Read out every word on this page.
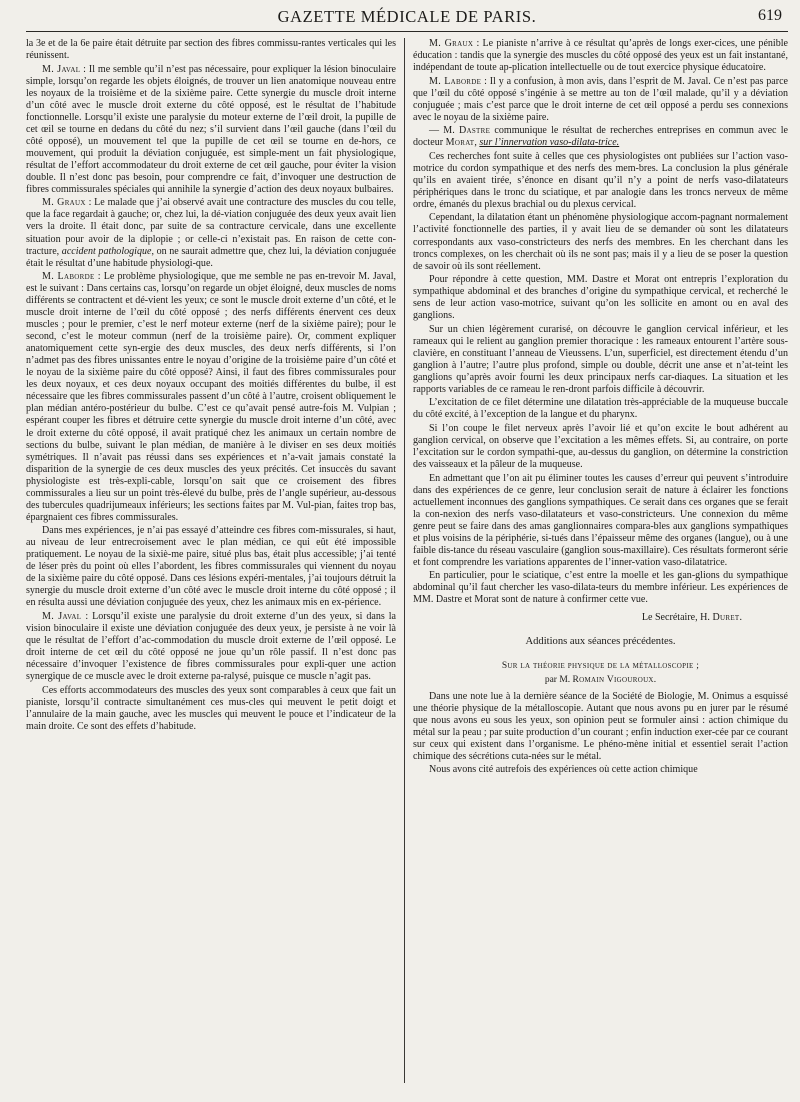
GAZETTE MÉDICALE DE PARIS.	619

la 3e et de la 6e paire était détruite par section des fibres commissu-rantes verticales qui les réunissent.

M. Javal : Il me semble qu’il n’est pas nécessaire, pour expliquer la lésion binoculaire simple, lorsqu’on regarde les objets éloignés, de trouver un lien anatomique nouveau entre les noyaux de la troisième et de la sixième paire. Cette synergie du muscle droit interne d’un côté avec le muscle droit externe du côté opposé, est le résultat de l’habitude fonctionnelle. Lorsqu’il existe une paralysie du moteur externe de l’œil droit, la pupille de cet œil se tourne en dedans du côté du nez; s’il survient dans l’œil gauche (dans l’œil du côté opposé), un mouvement tel que la pupille de cet œil se tourne en de-hors, ce mouvement, qui produit la déviation conjuguée, est simple-ment un fait physiologique, résultat de l’effort accommodateur du droit externe de cet œil gauche, pour éviter la vision double. Il n’est donc pas besoin, pour comprendre ce fait, d’invoquer une destruction de fibres commissurales spéciales qui annihile la synergie d’action des deux noyaux bulbaires.

M. Graux : Le malade que j’ai observé avait une contracture des muscles du cou telle, que la face regardait à gauche; or, chez lui, la dé-viation conjuguée des deux yeux avait lien vers la droite. Il était donc, par suite de sa contracture cervicale, dans une excellente situation pour avoir de la diplopie ; or celle-ci n’existait pas. En raison de cette con-tracture, accident pathologique, on ne saurait admettre que, chez lui, la déviation conjuguée était le résultat d’une habitude physiologi-que.

M. Laborde : Le problème physiologique, que me semble ne pas en-trevoir M. Javal, est le suivant : Dans certains cas, lorsqu’on regarde un objet éloigné, deux muscles de noms différents se contractent et dé-vient les yeux; ce sont le muscle droit externe d’un côté, et le muscle droit interne de l’œil du côté opposé ; des nerfs différents énervent ces deux muscles ; pour le premier, c’est le nerf moteur externe (nerf de la sixième paire); pour le second, c’est le moteur commun (nerf de la troisième paire). Or, comment expliquer anatomiquement cette syn-ergie des deux muscles, des deux nerfs différents, si l’on n’admet pas des fibres unissantes entre le noyau d’origine de la troisième paire d’un côté et le noyau de la sixième paire du côté opposé? Ainsi, il faut des fibres commissurales pour les deux noyaux, et ces deux noyaux occupant des moitiés différentes du bulbe, il est nécessaire que les fibres commissurales passent d’un côté à l’autre, croisent obliquement le plan médian antéro-postérieur du bulbe. C’est ce qu’avait pensé autre-fois M. Vulpian ; espérant couper les fibres et détruire cette synergie du muscle droit interne d’un côté, avec le droit externe du côté opposé, il avait pratiqué chez les animaux un certain nombre de sections du bulbe, suivant le plan médian, de manière à le diviser en ses deux moitiés symétriques. Il n’avait pas réussi dans ses expériences et n’a-vait jamais constaté la disparition de la synergie de ces deux muscles des yeux précités. Cet insuccès du savant physiologiste est très-expli-cable, lorsqu’on sait que ce croisement des fibres commissurales a lieu sur un point très-élevé du bulbe, près de l’angle supérieur, au-dessous des tubercules quadrijumeaux inférieurs; les sections faites par M. Vul-pian, faites trop bas, épargnaient ces fibres commissurales.

Dans mes expériences, je n’ai pas essayé d’atteindre ces fibres com-missurales, si haut, au niveau de leur entrecroisement avec le plan médian, ce qui eût été impossible pratiquement. Le noyau de la sixiè-me paire, situé plus bas, était plus accessible; j’ai tenté de léser près du point où elles l’abordent, les fibres commissurales qui viennent du noyau de la sixième paire du côté opposé. Dans ces lésions expéri-mentales, j’ai toujours détruit la synergie du muscle droit externe d’un côté avec le muscle droit interne du côté opposé ; il en résulta aussi une déviation conjuguée des yeux, chez les animaux mis en ex-périence.

M. Javal : Lorsqu’il existe une paralysie du droit externe d’un des yeux, si dans la vision binoculaire il existe une déviation conjuguée des deux yeux, je persiste à ne voir là que le résultat de l’effort d’ac-commodation du muscle droit externe de l’œil opposé. Le droit interne de cet œil du côté opposé ne joue qu’un rôle passif. Il n’est donc pas nécessaire d’invoquer l’existence de fibres commissurales pour expli-quer une action synergique de ce muscle avec le droit externe pa-ralysé, puisque ce muscle n’agit pas.

Ces efforts accommodateurs des muscles des yeux sont comparables à ceux que fait un pianiste, lorsqu’il contracte simultanément ces mus-cles qui meuvent le petit doigt et l’annulaire de la main gauche, avec les muscles qui meuvent le pouce et l’indicateur de la main droite. Ce sont des effets d’habitude.

M. Graux : Le pianiste n’arrive à ce résultat qu’après de longs exer-cices, une pénible éducation : tandis que la synergie des muscles du côté opposé des yeux est un fait instantané, indépendant de toute ap-plication intellectuelle ou de tout exercice physique éducatoire.

M. Laborde : Il y a confusion, à mon avis, dans l’esprit de M. Javal. Ce n’est pas parce que l’œil du côté opposé s’ingénie à se mettre au ton de l’œil malade, qu’il y a déviation conjuguée ; mais c’est parce que le droit interne de cet œil opposé a perdu ses connexions avec le noyau de la sixième paire.

— M. Dastre communique le résultat de recherches entreprises en commun avec le docteur Morat, sur l’innervation vaso-dilata-trice.

Ces recherches font suite à celles que ces physiologistes ont publiées sur l’action vaso-motrice du cordon sympathique et des nerfs des mem-bres. La conclusion la plus générale qu’ils en avaient tirée, s’énonce en disant qu’il n’y a point de nerfs vaso-dilatateurs périphériques dans le tronc du sciatique, et par analogie dans les troncs nerveux de même ordre, émanés du plexus brachial ou du plexus cervical.

Cependant, la dilatation étant un phénomène physiologique accom-pagnant normalement l’activité fonctionnelle des parties, il y avait lieu de se demander où sont les dilatateurs correspondants aux vaso-constricteurs des nerfs des membres. En les cherchant dans les troncs complexes, on les cherchait où ils ne sont pas; mais il y a lieu de se poser la question de savoir où ils sont réellement.

Pour répondre à cette question, MM. Dastre et Morat ont entrepris l’exploration du sympathique abdominal et des branches d’origine du sympathique cervical, et recherché le sens de leur action vaso-motrice, suivant qu’on les sollicite en amont ou en aval des ganglions.

Sur un chien légèrement curarisé, on découvre le ganglion cervical inférieur, et les rameaux qui le relient au ganglion premier thoracique : les rameaux entourent l’artère sous-clavière, en constituant l’anneau de Vieussens. L’un, superficiel, est directement étendu d’un ganglion à l’autre; l’autre plus profond, simple ou double, décrit une anse et n’at-teint les ganglions qu’après avoir fourni les deux principaux nerfs car-diaques. La situation et les rapports variables de ce rameau le ren-dront parfois difficile à découvrir.

L’excitation de ce filet détermine une dilatation très-appréciable de la muqueuse buccale du côté excité, à l’exception de la langue et du pharynx.

Si l’on coupe le filet nerveux après l’avoir lié et qu’on excite le bout adhérent au ganglion cervical, on observe que l’excitation a les mêmes effets. Si, au contraire, on porte l’excitation sur le cordon sympathi-que, au-dessus du ganglion, on détermine la constriction des vaisseaux et la pâleur de la muqueuse.

En admettant que l’on ait pu éliminer toutes les causes d’erreur qui peuvent s’introduire dans des expériences de ce genre, leur conclusion serait de nature à éclairer les fonctions actuellement inconnues des ganglions sympathiques. Ce serait dans ces organes que se ferait la con-nexion des nerfs vaso-dilatateurs et vaso-constricteurs. Une connexion du même genre peut se faire dans des amas ganglionnaires compara-bles aux ganglions sympathiques et plus voisins de la périphérie, si-tués dans l’épaisseur même des organes (langue), ou à une faible dis-tance du réseau vasculaire (ganglion sous-maxillaire). Ces résultats formeront série et font comprendre les variations apparentes de l’inner-vation vaso-dilatatrice.

En particulier, pour le sciatique, c’est entre la moelle et les gan-glions du sympathique abdominal qu’il faut chercher les vaso-dilata-teurs du membre inférieur. Les expériences de MM. Dastre et Morat sont de nature à confirmer cette vue.

Le Secrétaire, H. Duret.

Additions aux séances précédentes.

Sur la théorie physique de la métalloscopie ;

par M. Romain Vigouroux.

Dans une note lue à la dernière séance de la Société de Biologie, M. Onimus a esquissé une théorie physique de la métalloscopie. Autant que nous avons pu en jurer par le résumé que nous avons eu sous les yeux, son opinion peut se formuler ainsi : action chimique du métal sur la peau ; par suite production d’un courant ; enfin induction exer-cée par ce courant sur ceux qui existent dans l’organisme. Le phéno-mène initial et essentiel serait l’action chimique des sécrétions cuta-nées sur le métal.

Nous avons cité autrefois des expériences où cette action chimique
